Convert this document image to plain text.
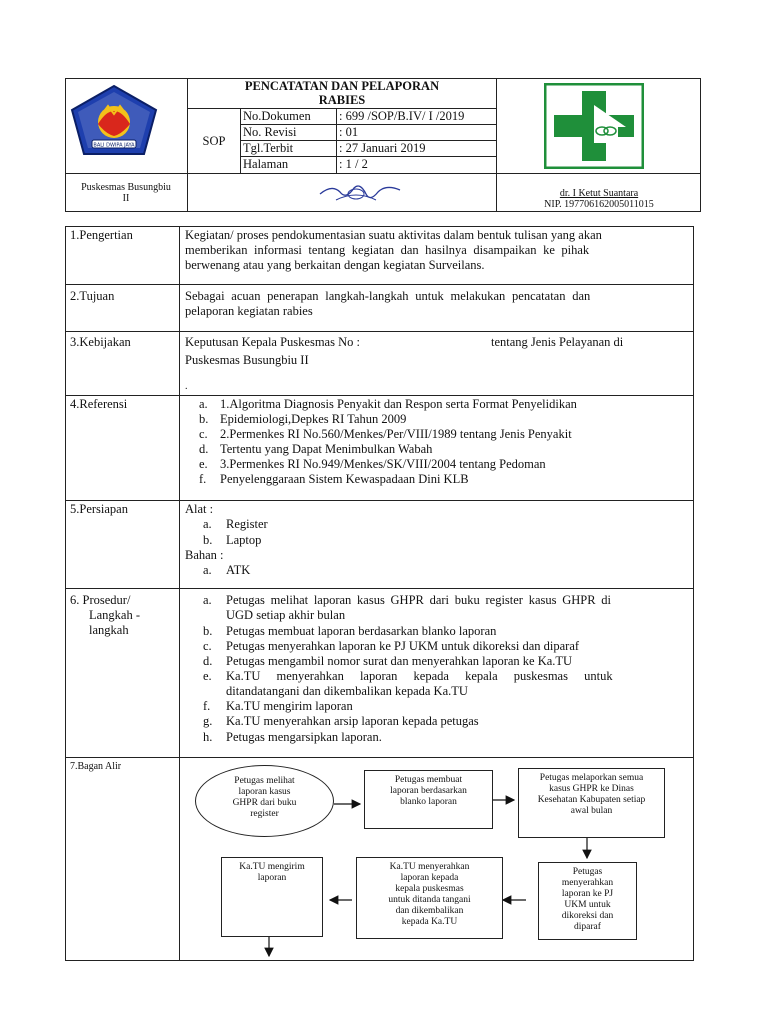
BALI DWIPA JAYA
Puskesmas Busungbiu
II
PENCATATAN DAN PELAPORAN
RABIES
SOP
No.Dokumen : 699 /SOP/B.IV/ I /2019
No. Revisi	: 01
Tgl.Terbit	: 27 Januari 2019
Halaman	: 1 / 2
dr. I Ketut Suantara
NIP. 197706162005011015
1.Pengertian	Kegiatan/ proses pendokumentasian suatu aktivitas dalam bentuk tulisan yang akan
memberikan informasi tentang kegiatan dan hasilnya disampaikan ke pihak
berwenang atau yang berkaitan dengan kegiatan Surveilans.
2.Tujuan	Sebagai acuan penerapan langkah-langkah untuk melakukan pencatatan dan
pelaporan kegiatan rabies
3.Kebijakan	Keputusan Kepala Puskesmas No :	tentang Jenis Pelayanan di
Puskesmas Busungbiu II
.
4.Referensi	a. 1.Algoritma Diagnosis Penyakit dan Respon serta Format Penyelidikan
b. Epidemiologi,Depkes RI Tahun 2009
c. 2.Permenkes RI No.560/Menkes/Per/VIII/1989 tentang Jenis Penyakit
d. Tertentu yang Dapat Menimbulkan Wabah
e. 3.Permenkes RI No.949/Menkes/SK/VIII/2004 tentang Pedoman
f. Penyelenggaraan Sistem Kewaspadaan Dini KLB
5.Persiapan	Alat :
a. Register
b. Laptop
Bahan :
a. ATK
6. Prosedur/
Langkah -
langkah
a. Petugas melihat laporan kasus GHPR dari buku register kasus GHPR di
UGD setiap akhir bulan
b. Petugas membuat laporan berdasarkan blanko laporan
c. Petugas menyerahkan laporan ke PJ UKM untuk dikoreksi dan diparaf
d. Petugas mengambil nomor surat dan menyerahkan laporan ke Ka.TU
e. Ka.TU menyerahkan laporan kepada kepala puskesmas untuk
ditandatangani dan dikembalikan kepada Ka.TU
f. Ka.TU mengirim laporan
g. Ka.TU menyerahkan arsip laporan kepada petugas
h. Petugas mengarsipkan laporan.
7.Bagan Alir
Petugas melihat
laporan kasus
GHPR dari buku
register
Petugas membuat
laporan berdasarkan
blanko laporan
Petugas melaporkan semua
kasus GHPR ke Dinas
Kesehatan Kabupaten setiap
awal bulan
Petugas
menyerahkan
laporan ke PJ
UKM untuk
dikoreksi dan
diparaf
Ka.TU menyerahkan
laporan kepada
kepala puskesmas
untuk ditanda tangani
dan dikembalikan
kepada Ka.TU
Ka.TU mengirim
laporan
